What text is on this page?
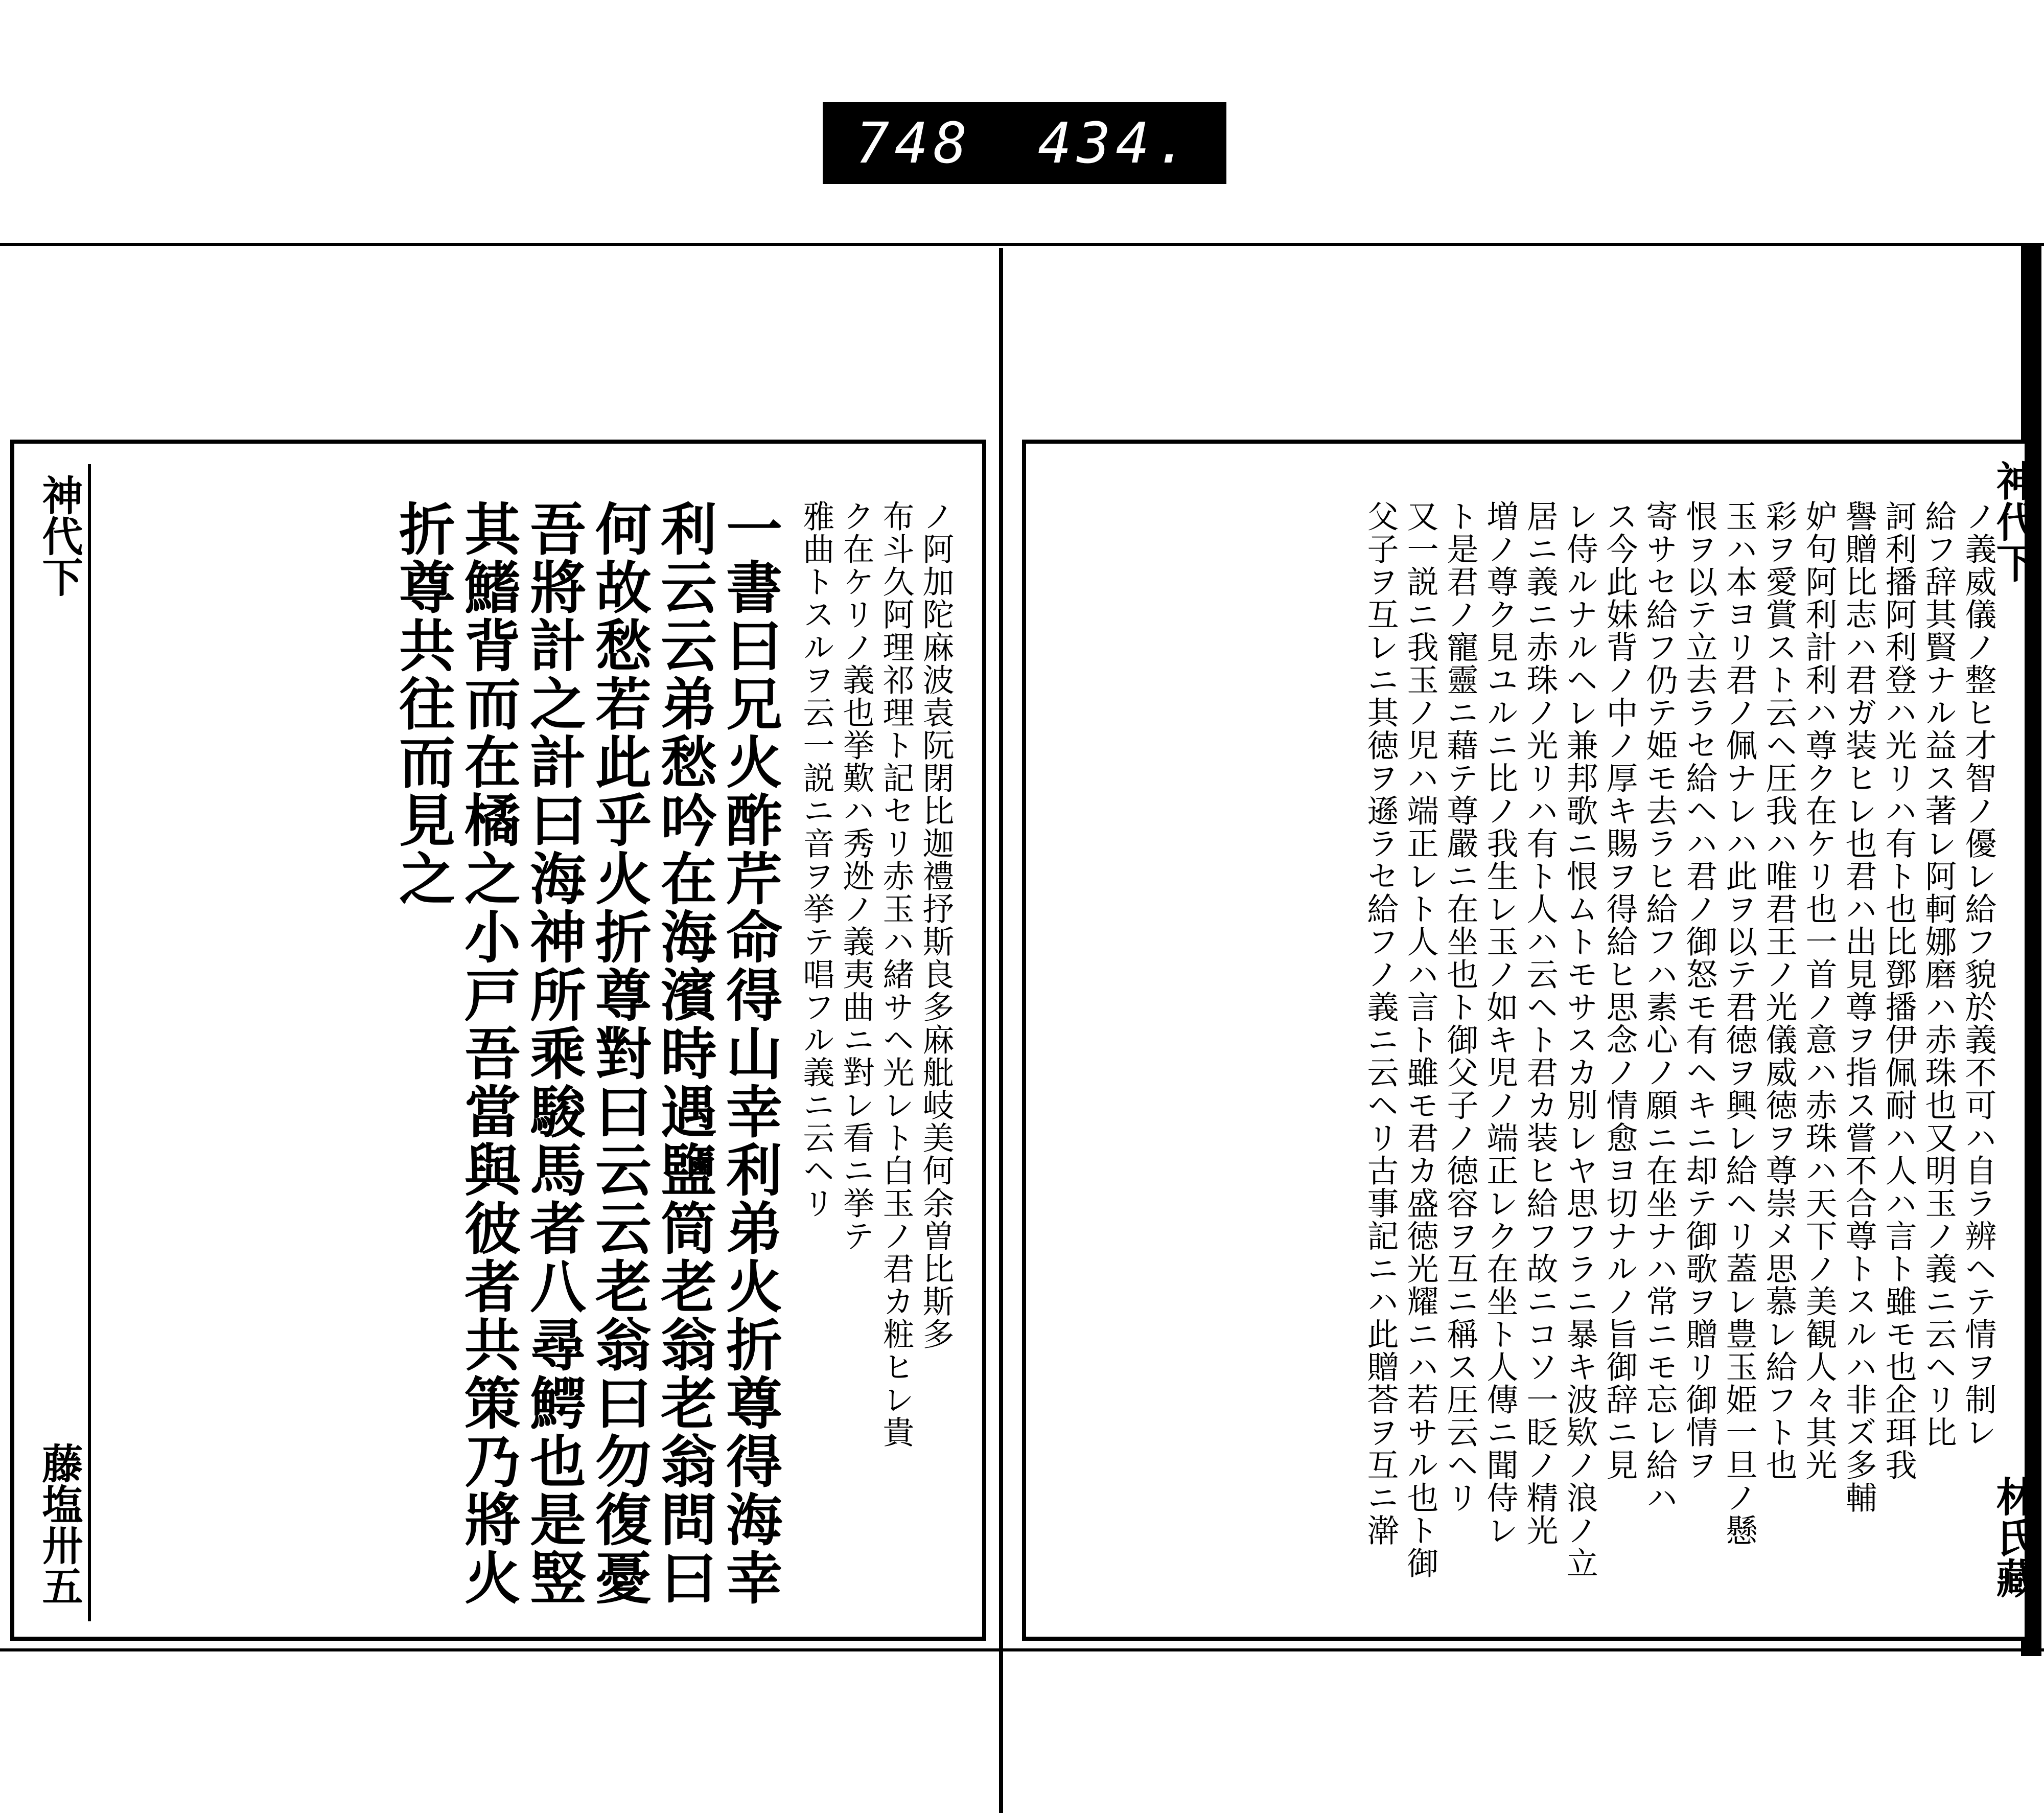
748 434.
神代下
藤塩卅五
ノ阿加陀麻波袁阮閉比迦禮抒斯良多麻舭岐美何余曽比斯多
布斗久阿理祁理ト記セリ赤玉ハ緒サヘ光レト白玉ノ君カ粧ヒレ貴
ク在ケリノ義也挙歎ハ秀迯ノ義夷曲ニ對レ看ニ挙テ
雅曲トスルヲ云一説ニ音ヲ挙テ唱フル義ニ云ヘリ
一書曰兄火酢芹命得山幸利弟火折尊得海幸
利云云弟愁吟在海濱時遇鹽筒老翁老翁問曰
何故愁若此乎火折尊對曰云云老翁曰勿復憂
吾將計之計曰海神所乘駿馬者八尋鰐也是竪
其鰭背而在橘之小戸吾當與彼者共策乃將火
折尊共往而見之	ノ義威儀ノ整ヒ才智ノ優レ給フ貌於義不可ハ自ラ辨ヘテ情ヲ制レ
給フ辞其賢ナル益ス著レ阿軻娜磨ハ赤珠也又明玉ノ義ニ云ヘリ比
訶利播阿利登ハ光リハ有ト也比鄧播伊佩耐ハ人ハ言ト雖モ也企珥我
譽贈比志ハ君ガ装ヒレ也君ハ出見尊ヲ指ス嘗不合尊トスルハ非ズ多輔
妒句阿利計利ハ尊ク在ケリ也一首ノ意ハ赤珠ハ天下ノ美観人々其光
彩ヲ愛賞スト云ヘ圧我ハ唯君王ノ光儀威徳ヲ尊崇メ思慕レ給フト也
玉ハ本ヨリ君ノ佩ナレハ此ヲ以テ君徳ヲ興レ給ヘリ蓋レ豊玉姫一旦ノ懸
恨ヲ以テ立去ラセ給ヘハ君ノ御怒モ有ヘキニ却テ御歌ヲ贈リ御情ヲ
寄サセ給フ仍テ姫モ去ラヒ給フハ素心ノ願ニ在坐ナハ常ニモ忘レ給ハ
ス今此妹背ノ中ノ厚キ賜ヲ得給ヒ思念ノ情愈ヨ切ナルノ旨御辞ニ見
レ侍ルナルヘレ兼邦歌ニ恨ムトモサスカ別レヤ思フラニ暴キ波欵ノ浪ノ立
居ニ義ニ赤珠ノ光リハ有ト人ハ云ヘト君カ装ヒ給フ故ニコソ一眨ノ精光
増ノ尊ク見ユルニ比ノ我生レ玉ノ如キ児ノ端正レク在坐ト人傳ニ聞侍レ
ト是君ノ寵靈ニ藉テ尊嚴ニ在坐也ト御父子ノ徳容ヲ互ニ稱ス圧云ヘリ
又一説ニ我玉ノ児ハ端正レト人ハ言ト雖モ君カ盛徳光耀ニハ若サル也ト御
父子ヲ互レニ其徳ヲ遜ラセ給フノ義ニ云ヘリ古事記ニハ此贈荅ヲ互ニ澣	神代下
林氏藏
